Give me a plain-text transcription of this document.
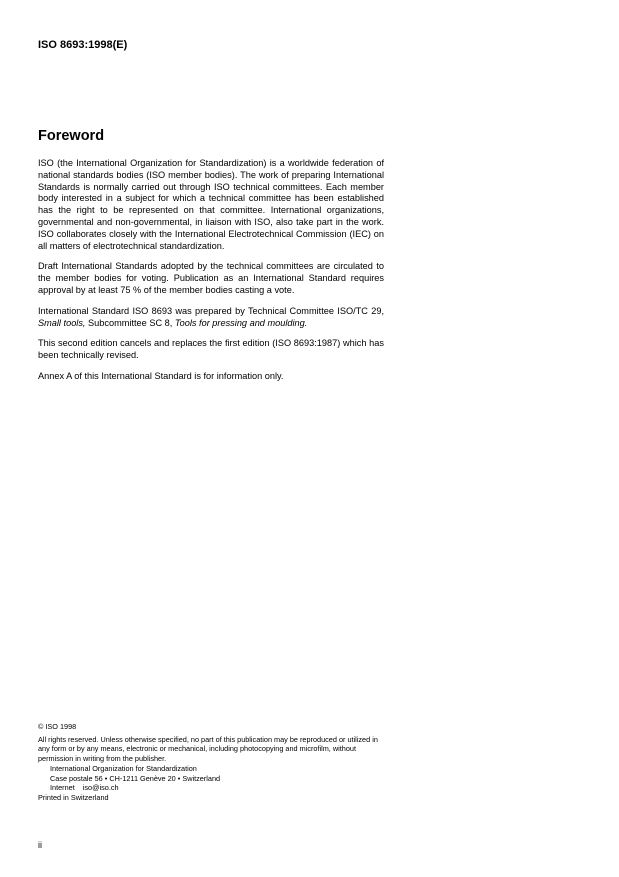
ISO 8693:1998(E)
Foreword

ISO (the International Organization for Standardization) is a worldwide federation of national standards bodies (ISO member bodies). The work of preparing International Standards is normally carried out through ISO technical committees. Each member body interested in a subject for which a technical committee has been established has the right to be represented on that committee. International organizations, governmental and non-governmental, in liaison with ISO, also take part in the work. ISO collaborates closely with the International Electrotechnical Commission (IEC) on all matters of electrotechnical standardization.

Draft International Standards adopted by the technical committees are circulated to the member bodies for voting. Publication as an International Standard requires approval by at least 75 % of the member bodies casting a vote.

International Standard ISO 8693 was prepared by Technical Committee ISO/TC 29, Small tools, Subcommittee SC 8, Tools for pressing and moulding.

This second edition cancels and replaces the first edition (ISO 8693:1987) which has been technically revised.

Annex A of this International Standard is for information only.

© ISO 1998
All rights reserved. Unless otherwise specified, no part of this publication may be reproduced or utilized in any form or by any means, electronic or mechanical, including photocopying and microfilm, without permission in writing from the publisher.
International Organization for Standardization
Case postale 56 • CH-1211 Genève 20 • Switzerland
Internet iso@iso.ch
Printed in Switzerland
ii
